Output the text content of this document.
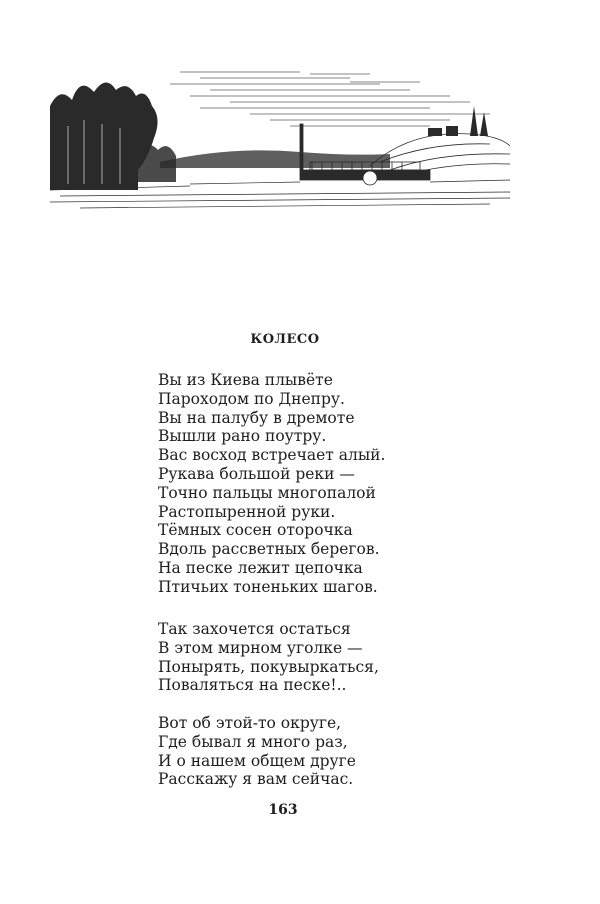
КОЛЕСО
Вы из Киева плывёте
Пароходом по Днепру.
Вы на палубу в дремоте
Вышли рано поутру.
Вас восход встречает алый.
Рукава большой реки —
Точно пальцы многопалой
Растопыренной руки.
Тёмных сосен оторочка
Вдоль рассветных берегов.
На песке лежит цепочка
Птичьих тоненьких шагов.
Так захочется остаться
В этом мирном уголке —
Понырять, покувыркаться,
Поваляться на песке!..
Вот об этой-то округе,
Где бывал я много раз,
И о нашем общем друге
Расскажу я вам сейчас.

163
